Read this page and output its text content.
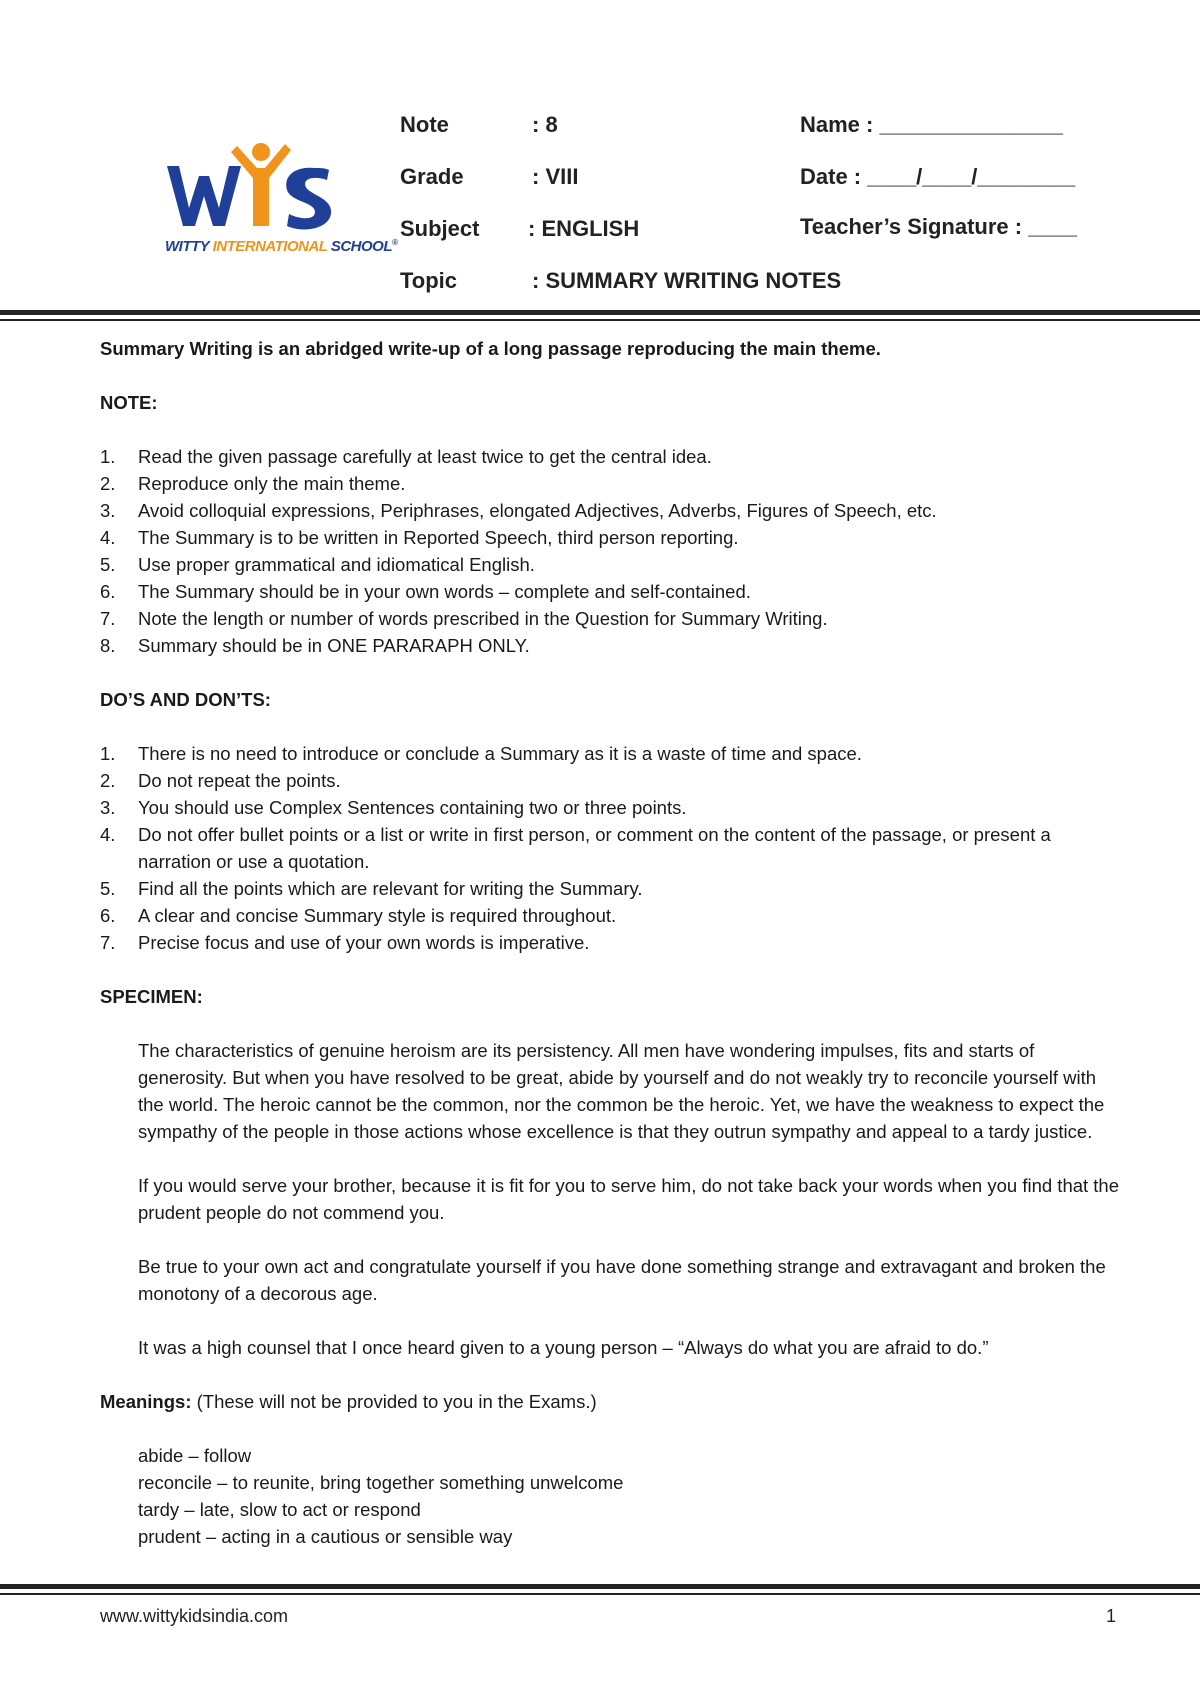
WITTY INTERNATIONAL SCHOOL®
Note	: 8
Grade	: VIII
Subject : ENGLISH
Topic	: SUMMARY WRITING NOTES
Name : _______________
Date : ____/____/________
Teacher’s Signature : ____
Summary Writing is an abridged write-up of a long passage reproducing the main theme.
NOTE:
1. Read the given passage carefully at least twice to get the central idea.
2. Reproduce only the main theme.
3. Avoid colloquial expressions, Periphrases, elongated Adjectives, Adverbs, Figures of Speech, etc.
4. The Summary is to be written in Reported Speech, third person reporting.
5. Use proper grammatical and idiomatical English.
6. The Summary should be in your own words – complete and self-contained.
7. Note the length or number of words prescribed in the Question for Summary Writing.
8. Summary should be in ONE PARARAPH ONLY.
DO’S AND DON’TS:
1. There is no need to introduce or conclude a Summary as it is a waste of time and space.
2. Do not repeat the points.
3. You should use Complex Sentences containing two or three points.
4. Do not offer bullet points or a list or write in first person, or comment on the content of the passage, or present a narration or use a quotation.
5. Find all the points which are relevant for writing the Summary.
6. A clear and concise Summary style is required throughout.
7. Precise focus and use of your own words is imperative.
SPECIMEN:

The characteristics of genuine heroism are its persistency. All men have wondering impulses, fits and starts of generosity. But when you have resolved to be great, abide by yourself and do not weakly try to reconcile yourself with the world. The heroic cannot be the common, nor the common be the heroic. Yet, we have the weakness to expect the sympathy of the people in those actions whose excellence is that they outrun sympathy and appeal to a tardy justice.

If you would serve your brother, because it is fit for you to serve him, do not take back your words when you find that the prudent people do not commend you.

Be true to your own act and congratulate yourself if you have done something strange and extravagant and broken the monotony of a decorous age.

It was a high counsel that I once heard given to a young person – “Always do what you are afraid to do.”

Meanings: (These will not be provided to you in the Exams.)
abide – follow
reconcile – to reunite, bring together something unwelcome
tardy – late, slow to act or respond
prudent – acting in a cautious or sensible way
www.wittykidsindia.com	1
